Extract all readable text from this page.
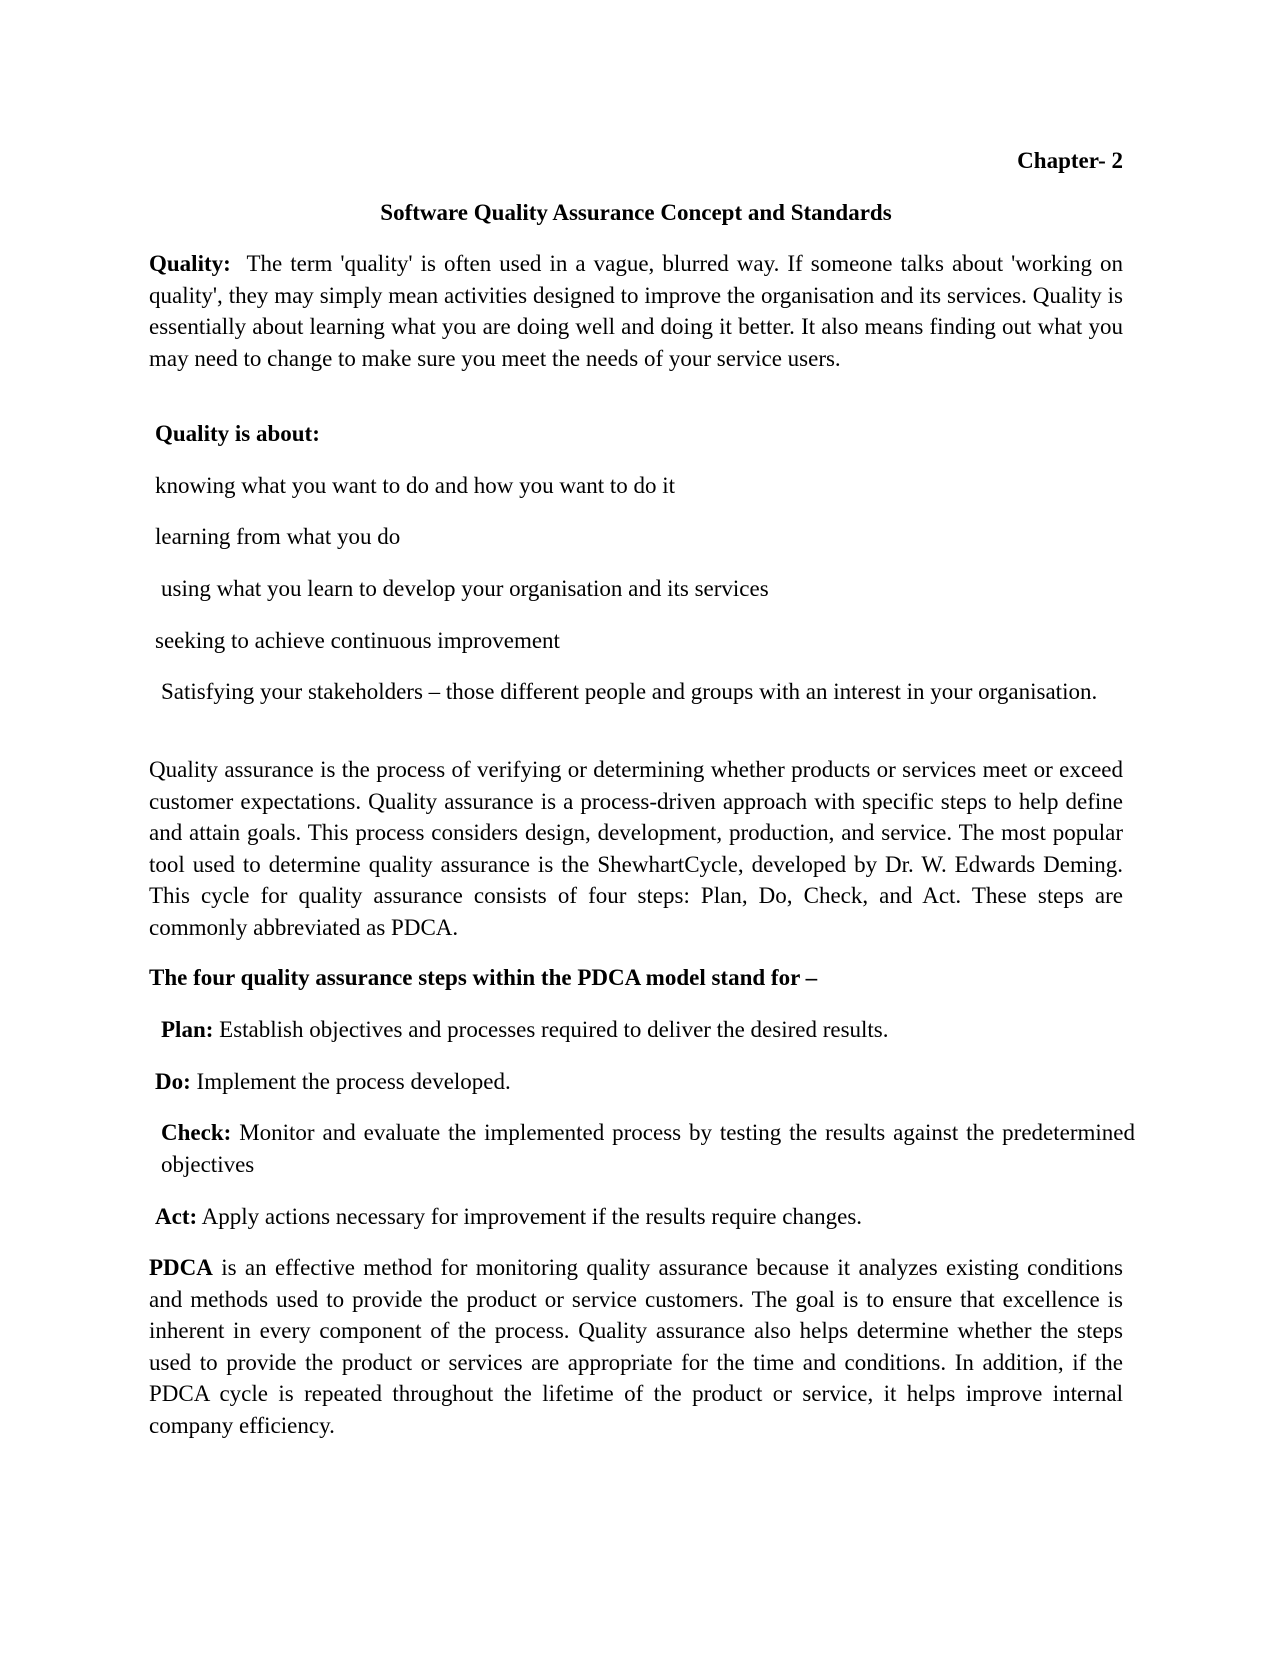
Chapter- 2

Software Quality Assurance Concept and Standards

Quality: The term 'quality' is often used in a vague, blurred way. If someone talks about 'working on quality', they may simply mean activities designed to improve the organisation and its services. Quality is essentially about learning what you are doing well and doing it better. It also means finding out what you may need to change to make sure you meet the needs of your service users.

Quality is about:

knowing what you want to do and how you want to do it

learning from what you do

using what you learn to develop your organisation and its services

seeking to achieve continuous improvement

Satisfying your stakeholders – those different people and groups with an interest in your organisation.

Quality assurance is the process of verifying or determining whether products or services meet or exceed customer expectations. Quality assurance is a process-driven approach with specific steps to help define and attain goals. This process considers design, development, production, and service. The most popular tool used to determine quality assurance is the ShewhartCycle, developed by Dr. W. Edwards Deming. This cycle for quality assurance consists of four steps: Plan, Do, Check, and Act. These steps are commonly abbreviated as PDCA.

The four quality assurance steps within the PDCA model stand for –

Plan: Establish objectives and processes required to deliver the desired results.

Do: Implement the process developed.

Check: Monitor and evaluate the implemented process by testing the results against the predetermined objectives

Act: Apply actions necessary for improvement if the results require changes.

PDCA is an effective method for monitoring quality assurance because it analyzes existing conditions and methods used to provide the product or service customers. The goal is to ensure that excellence is inherent in every component of the process. Quality assurance also helps determine whether the steps used to provide the product or services are appropriate for the time and conditions. In addition, if the PDCA cycle is repeated throughout the lifetime of the product or service, it helps improve internal company efficiency.
